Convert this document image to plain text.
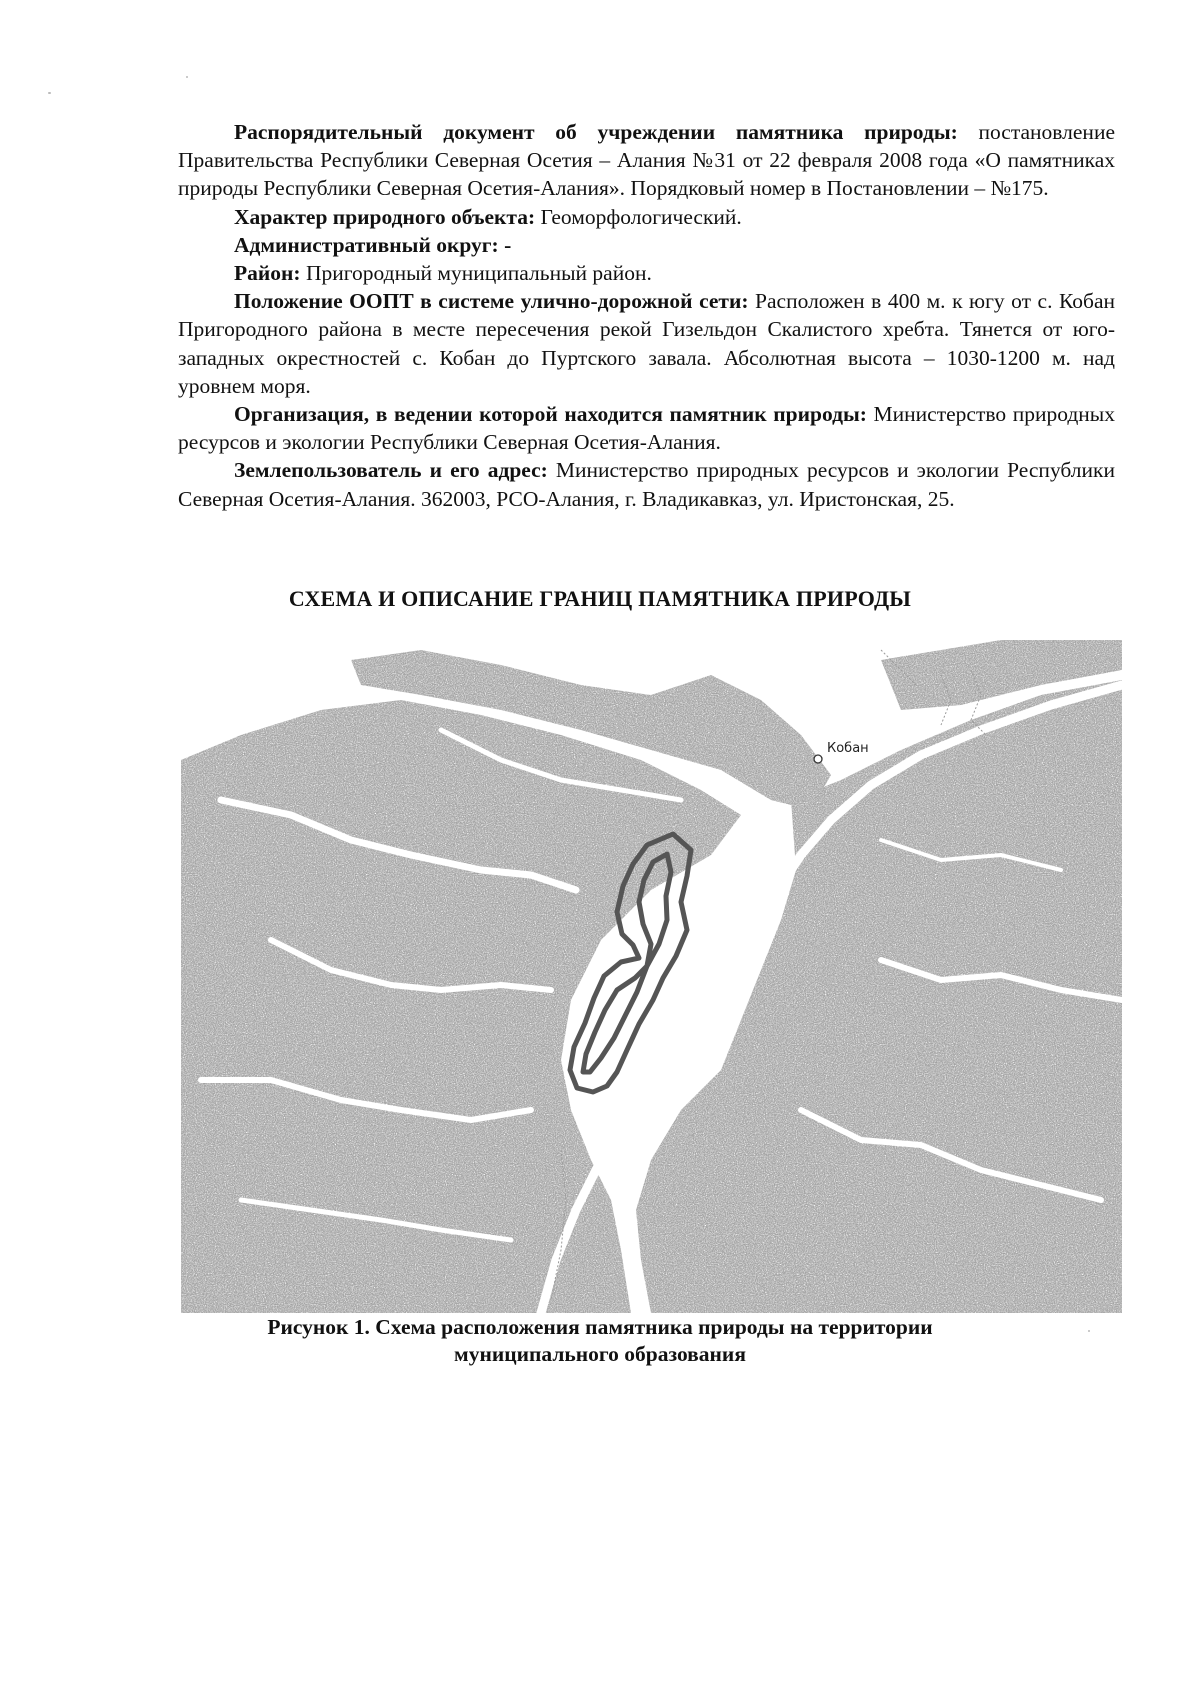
Распорядительный документ об учреждении памятника природы: постановление Правительства Республики Северная Осетия – Алания №31 от 22 февраля 2008 года «О памятниках природы Республики Северная Осетия-Алания». Порядковый номер в Постановлении – №175.

Характер природного объекта: Геоморфологический.

Административный округ: -

Район: Пригородный муниципальный район.

Положение ООПТ в системе улично-дорожной сети: Расположен в 400 м. к югу от с. Кобан Пригородного района в месте пересечения рекой Гизельдон Скалистого хребта. Тянется от юго-западных окрестностей с. Кобан до Пуртского завала. Абсолютная высота – 1030-1200 м. над уровнем моря.

Организация, в ведении которой находится памятник природы: Министерство природных ресурсов и экологии Республики Северная Осетия-Алания.

Землепользователь и его адрес: Министерство природных ресурсов и экологии Республики Северная Осетия-Алания. 362003, РСО-Алания, г. Владикавказ, ул. Иристонская, 25.

СХЕМА И ОПИСАНИЕ ГРАНИЦ ПАМЯТНИКА ПРИРОДЫ
Кобан
Рисунок 1. Схема расположения памятника природы на территории
муниципального образования
